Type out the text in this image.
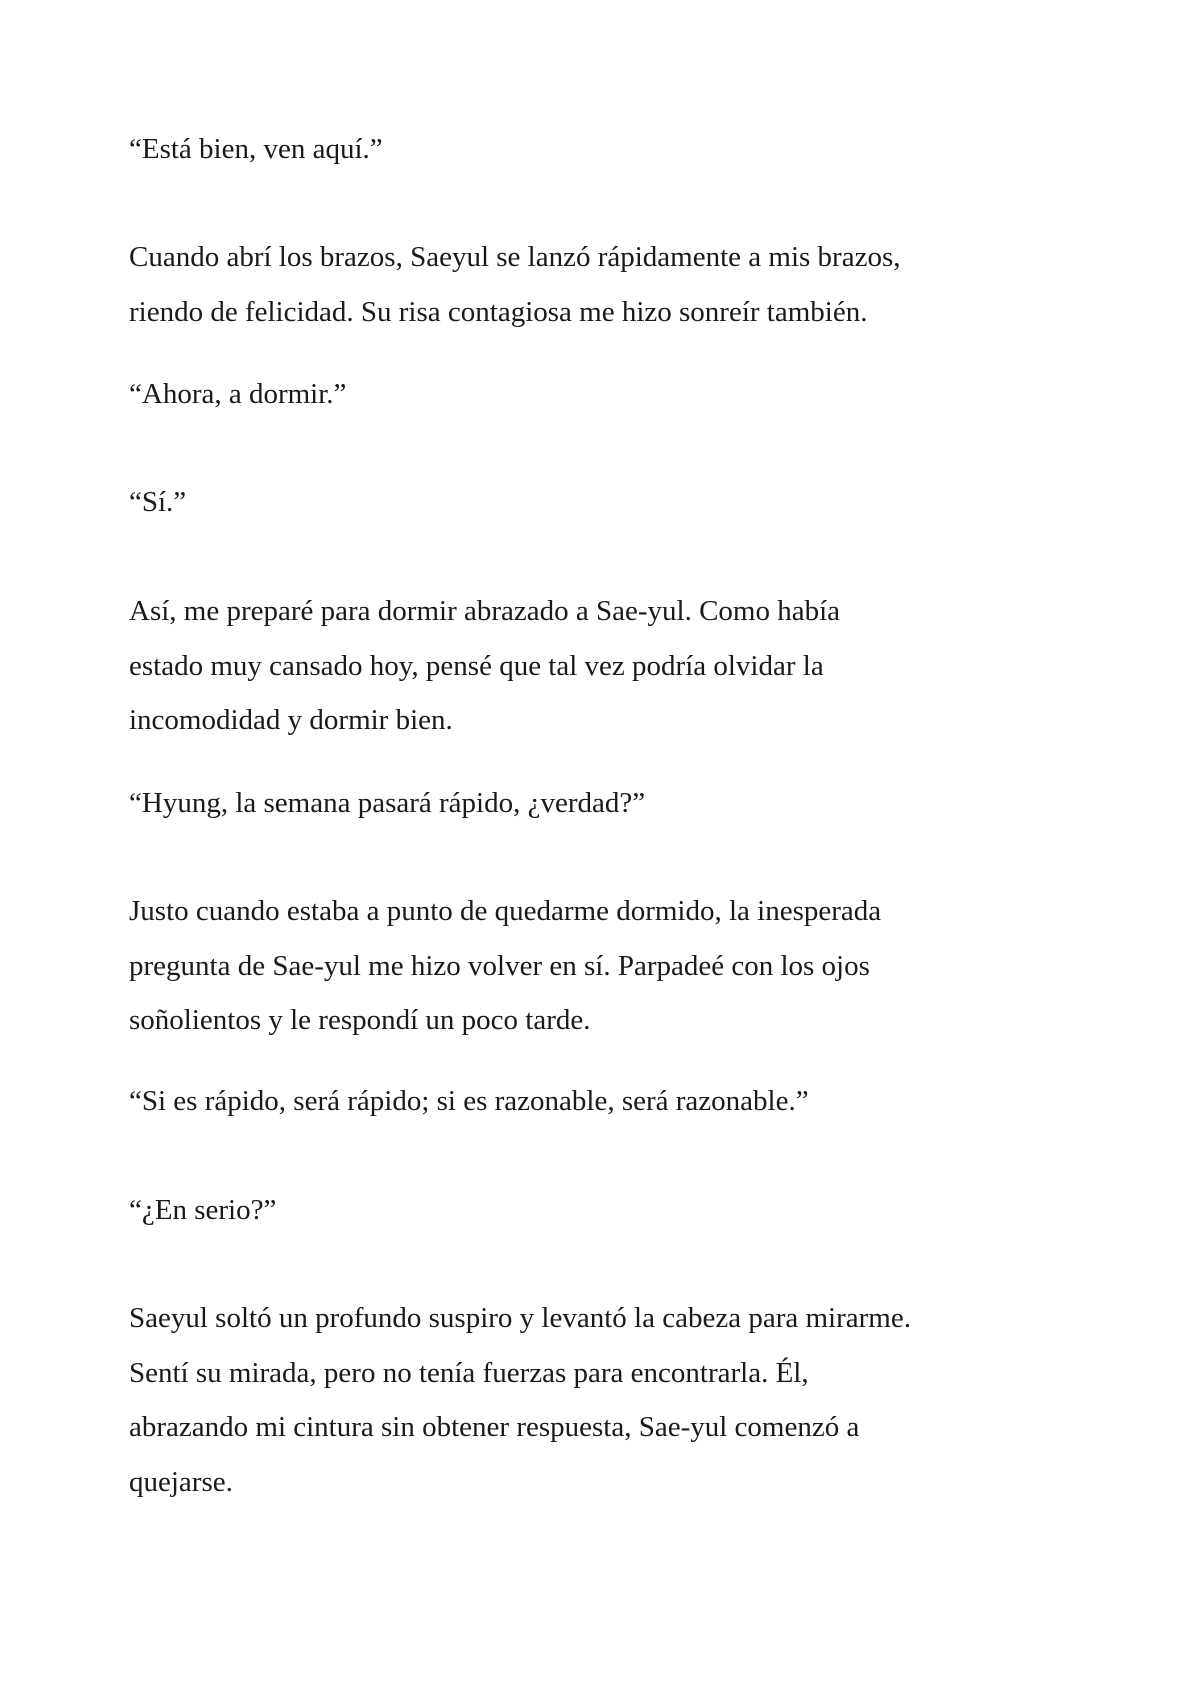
“Está bien, ven aquí.”

Cuando abrí los brazos, Saeyul se lanzó rápidamente a mis brazos,
riendo de felicidad. Su risa contagiosa me hizo sonreír también.

“Ahora, a dormir.”

“Sí.”

Así, me preparé para dormir abrazado a Sae-yul. Como había
estado muy cansado hoy, pensé que tal vez podría olvidar la
incomodidad y dormir bien.

“Hyung, la semana pasará rápido, ¿verdad?”

Justo cuando estaba a punto de quedarme dormido, la inesperada
pregunta de Sae-yul me hizo volver en sí. Parpadeé con los ojos
soñolientos y le respondí un poco tarde.

“Si es rápido, será rápido; si es razonable, será razonable.”

“¿En serio?”

Saeyul soltó un profundo suspiro y levantó la cabeza para mirarme.
Sentí su mirada, pero no tenía fuerzas para encontrarla. Él,
abrazando mi cintura sin obtener respuesta, Sae-yul comenzó a
quejarse.
